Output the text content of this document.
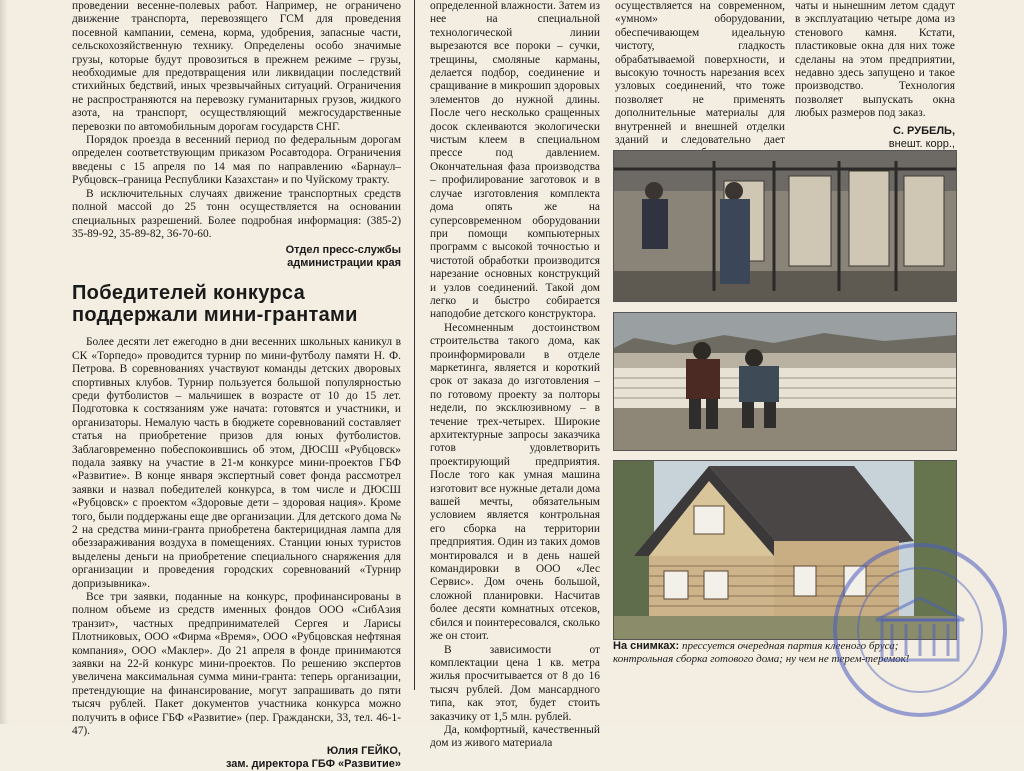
проведении весенне-полевых работ. Например, не ограничено движение транспорта, перевозящего ГСМ для проведения посевной кампании, семена, корма, удобрения, запасные части, сельскохозяйственную технику. Определены особо значимые грузы, которые будут провозиться в прежнем режиме – грузы, необходимые для предотвращения или ликвидации последствий стихийных бедствий, иных чрезвычайных ситуаций. Ограничения не распространяются на перевозку гуманитарных грузов, жидкого азота, на транспорт, осуществляющий межгосударственные перевозки по автомобильным дорогам государств СНГ.

Порядок проезда в весенний период по федеральным дорогам определен соответствующим приказом Росавтодора. Ограничения введены с 15 апреля по 14 мая по направлению «Барнаул–Рубцовск–граница Республики Казахстан» и по Чуйскому тракту.

В исключительных случаях движение транспортных средств полной массой до 25 тонн осуществляется на основании специальных разрешений. Более подробная информация: (385-2) 35-89-92, 35-89-82, 36-70-60.

Отдел пресс-службы
администрации края

Победителей конкурса
поддержали мини-грантами

Более десяти лет ежегодно в дни весенних школьных каникул в СК «Торпедо» проводится турнир по мини-футболу памяти Н. Ф. Петрова. В соревнованиях участвуют команды детских дворовых спортивных клубов. Турнир пользуется большой популярностью среди футболистов – мальчишек в возрасте от 10 до 15 лет. Подготовка к состязаниям уже начата: готовятся и участники, и организаторы. Немалую часть в бюджете соревнований составляет статья на приобретение призов для юных футболистов. Заблаговременно побеспокоившись об этом, ДЮСШ «Рубцовск» подала заявку на участие в 21-м конкурсе мини-проектов ГБФ «Развитие». В конце января экспертный совет фонда рассмотрел заявки и назвал победителей конкурса, в том числе и ДЮСШ «Рубцовск» с проектом «Здоровые дети – здоровая нация». Кроме того, были поддержаны еще две организации. Для детского дома № 2 на средства мини-гранта приобретена бактерицидная лампа для обеззараживания воздуха в помещениях. Станции юных туристов выделены деньги на приобретение специального снаряжения для организации и проведения городских соревнований «Турнир допризывника».

Все три заявки, поданные на конкурс, профинансированы в полном объеме из средств именных фондов ООО «СибАзия транзит», частных предпринимателей Сергея и Ларисы Плотниковых, ООО «Фирма «Время», ООО «Рубцовская нефтяная компания», ООО «Маклер». До 21 апреля в фонде принимаются заявки на 22-й конкурс мини-проектов. По решению экспертов увеличена максимальная сумма мини-гранта: теперь организации, претендующие на финансирование, могут запрашивать до пяти тысяч рублей. Пакет документов участника конкурса можно получить в офисе ГБФ «Развитие» (пер. Граждански, 33, тел. 46-1-47).

Юлия ГЕЙКО,
зам. директора ГБФ «Развитие»

определенной влажности. Затем из нее на специальной технологической линии вырезаются все пороки – сучки, трещины, смоляные карманы, делается подбор, соединение и сращивание в микрошип здоровых элементов до нужной длины. После чего несколько сращенных досок склеиваются экологически чистым клеем в специальном прессе под давлением. Окончательная фаза производства – профилирование заготовок и в случае изготовления комплекта дома опять же на суперсовременном оборудовании при помощи компьютерных программ с высокой точностью и чистотой обработки производится нарезание основных конструкций и узлов соединений. Такой дом легко и быстро собирается наподобие детского конструктора.

Несомненным достоинством строительства такого дома, как проинформировали в отделе маркетинга, является и короткий срок от заказа до изготовления – по готовому проекту за полторы недели, по эксклюзивному – в течение трех-четырех. Широкие архитектурные запросы заказчика готов удовлетворить проектирующий предприятия. После того как умная машина изготовит все нужные детали дома вашей мечты, обязательным условием является контрольная его сборка на территории предприятия. Один из таких домов монтировался и в день нашей командировки в ООО «Лес Сервис». Дом очень большой, сложной планировки. Насчитав более десяти комнатных отсеков, сбился и поинтересовался, сколько же он стоит.

В зависимости от комплектации цена 1 кв. метра жилья просчитывается от 8 до 16 тысяч рублей. Дом мансардного типа, как этот, будет стоить заказчику от 1,5 млн. рублей.

Да, комфортный, качественный дом из живого материала

осуществляется на современном, «умном» оборудовании, обеспечивающем идеальную чистоту, гладкость обрабатываемой поверхности, и высокую точность нарезания всех узловых соединений, что тоже позволяет не применять дополнительные материалы для внутренней и внешней отделки зданий и следовательно дает

чаты и нынешним летом сдадут в эксплуатацию четыре дома из стенового камня. Кстати, пластиковые окна для них тоже сделаны на этом предприятии, недавно здесь запущено и такое производство. Технология позволяет выпускать окна любых размеров под заказ.

С. РУБЕЛЬ,
внешт. корр.,

На снимках: прессуется очередная партия клееного бруса; контрольная сборка готового дома; ну чем не терем-теремок!
